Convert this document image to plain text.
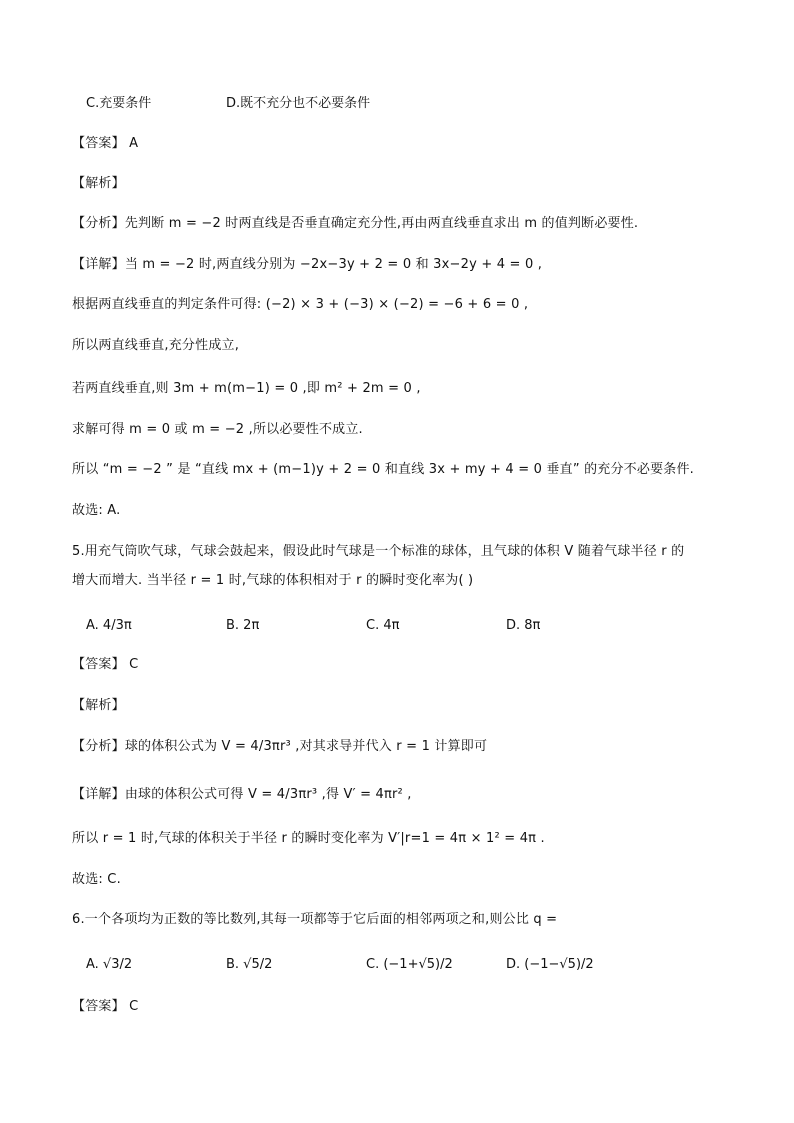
C.充要条件	D.既不充分也不必要条件
【答案】 A
【解析】
【分析】先判断 m = −2 时两直线是否垂直确定充分性,再由两直线垂直求出 m 的值判断必要性.
【详解】当 m = −2 时,两直线分别为 −2x−3y + 2 = 0 和 3x−2y + 4 = 0 ,
根据两直线垂直的判定条件可得: (−2) × 3 + (−3) × (−2) = −6 + 6 = 0 ,
所以两直线垂直,充分性成立,
若两直线垂直,则 3m + m(m−1) = 0 ,即 m² + 2m = 0 ,
求解可得 m = 0 或 m = −2 ,所以必要性不成立.
所以 “m = −2 ” 是 “直线 mx + (m−1)y + 2 = 0 和直线 3x + my + 4 = 0 垂直” 的充分不必要条件.
故选: A.
5.用充气筒吹气球，气球会鼓起来，假设此时气球是一个标准的球体，且气球的体积 V 随着气球半径 r 的
增大而增大. 当半径 r = 1 时,气球的体积相对于 r 的瞬时变化率为( )
A. 4/3π	B. 2π	C. 4π	D. 8π
【答案】 C
【解析】
【分析】球的体积公式为 V = 4/3πr³ ,对其求导并代入 r = 1 计算即可
【详解】由球的体积公式可得 V = 4/3πr³ ,得 V′ = 4πr² ,
所以 r = 1 时,气球的体积关于半径 r 的瞬时变化率为 V′|r=1 = 4π × 1² = 4π .
故选: C.
6.一个各项均为正数的等比数列,其每一项都等于它后面的相邻两项之和,则公比 q =
A. √3/2	B. √5/2	C. (−1+√5)/2	D. (−1−√5)/2
【答案】 C
